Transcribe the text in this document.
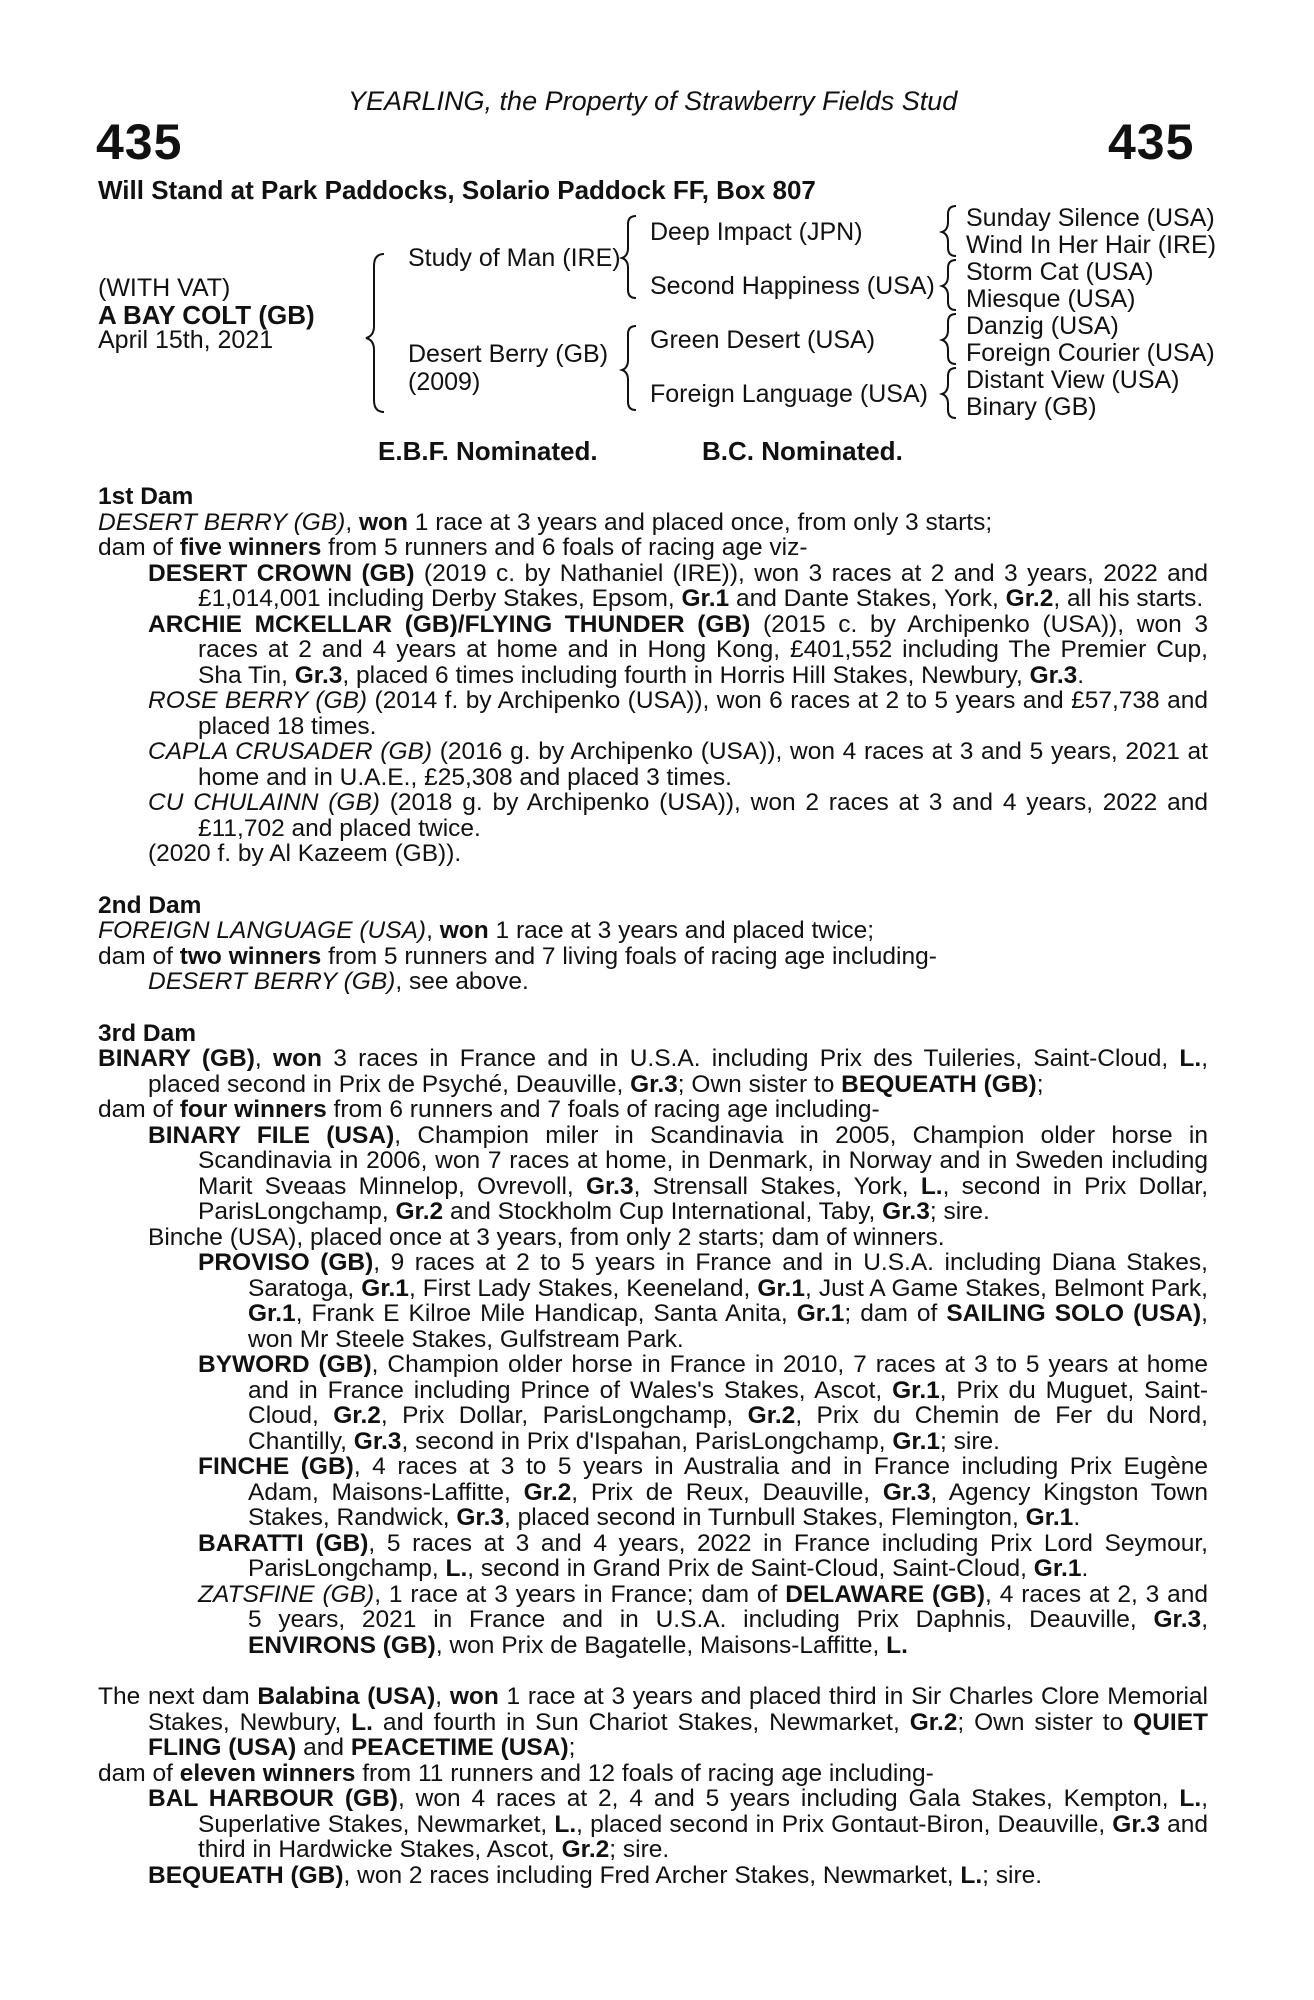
YEARLING, the Property of Strawberry Fields Stud
435	435
Will Stand at Park Paddocks, Solario Paddock FF, Box 807
(WITH VAT)
A BAY COLT (GB)
April 15th, 2021
Study of Man (IRE)
Desert Berry (GB)
(2009)
Deep Impact (JPN)
Second Happiness (USA)
Green Desert (USA)
Foreign Language (USA)
Sunday Silence (USA)
Wind In Her Hair (IRE)
Storm Cat (USA)
Miesque (USA)
Danzig (USA)
Foreign Courier (USA)
Distant View (USA)
Binary (GB)
E.B.F. Nominated.	B.C. Nominated.

1st Dam

DESERT BERRY (GB), won 1 race at 3 years and placed once, from only 3 starts;

dam of five winners from 5 runners and 6 foals of racing age viz-

DESERT CROWN (GB) (2019 c. by Nathaniel (IRE)), won 3 races at 2 and 3 years, 2022 and £1,014,001 including Derby Stakes, Epsom, Gr.1 and Dante Stakes, York, Gr.2, all his starts.

ARCHIE MCKELLAR (GB)/FLYING THUNDER (GB) (2015 c. by Archipenko (USA)), won 3 races at 2 and 4 years at home and in Hong Kong, £401,552 including The Premier Cup, Sha Tin, Gr.3, placed 6 times including fourth in Horris Hill Stakes, Newbury, Gr.3.

ROSE BERRY (GB) (2014 f. by Archipenko (USA)), won 6 races at 2 to 5 years and £57,738 and placed 18 times.

CAPLA CRUSADER (GB) (2016 g. by Archipenko (USA)), won 4 races at 3 and 5 years, 2021 at home and in U.A.E., £25,308 and placed 3 times.

CU CHULAINN (GB) (2018 g. by Archipenko (USA)), won 2 races at 3 and 4 years, 2022 and £11,702 and placed twice.

(2020 f. by Al Kazeem (GB)).

2nd Dam

FOREIGN LANGUAGE (USA), won 1 race at 3 years and placed twice;

dam of two winners from 5 runners and 7 living foals of racing age including-

DESERT BERRY (GB), see above.

3rd Dam

BINARY (GB), won 3 races in France and in U.S.A. including Prix des Tuileries, Saint-Cloud, L., placed second in Prix de Psyché, Deauville, Gr.3; Own sister to BEQUEATH (GB);

dam of four winners from 6 runners and 7 foals of racing age including-

BINARY FILE (USA), Champion miler in Scandinavia in 2005, Champion older horse in Scandinavia in 2006, won 7 races at home, in Denmark, in Norway and in Sweden including Marit Sveaas Minnelop, Ovrevoll, Gr.3, Strensall Stakes, York, L., second in Prix Dollar, ParisLongchamp, Gr.2 and Stockholm Cup International, Taby, Gr.3; sire.

Binche (USA), placed once at 3 years, from only 2 starts; dam of winners.

PROVISO (GB), 9 races at 2 to 5 years in France and in U.S.A. including Diana Stakes, Saratoga, Gr.1, First Lady Stakes, Keeneland, Gr.1, Just A Game Stakes, Belmont Park, Gr.1, Frank E Kilroe Mile Handicap, Santa Anita, Gr.1; dam of SAILING SOLO (USA), won Mr Steele Stakes, Gulfstream Park.

BYWORD (GB), Champion older horse in France in 2010, 7 races at 3 to 5 years at home and in France including Prince of Wales's Stakes, Ascot, Gr.1, Prix du Muguet, Saint-Cloud, Gr.2, Prix Dollar, ParisLongchamp, Gr.2, Prix du Chemin de Fer du Nord, Chantilly, Gr.3, second in Prix d'Ispahan, ParisLongchamp, Gr.1; sire.

FINCHE (GB), 4 races at 3 to 5 years in Australia and in France including Prix Eugène Adam, Maisons-Laffitte, Gr.2, Prix de Reux, Deauville, Gr.3, Agency Kingston Town Stakes, Randwick, Gr.3, placed second in Turnbull Stakes, Flemington, Gr.1.

BARATTI (GB), 5 races at 3 and 4 years, 2022 in France including Prix Lord Seymour, ParisLongchamp, L., second in Grand Prix de Saint-Cloud, Saint-Cloud, Gr.1.

ZATSFINE (GB), 1 race at 3 years in France; dam of DELAWARE (GB), 4 races at 2, 3 and 5 years, 2021 in France and in U.S.A. including Prix Daphnis, Deauville, Gr.3, ENVIRONS (GB), won Prix de Bagatelle, Maisons-Laffitte, L.

The next dam Balabina (USA), won 1 race at 3 years and placed third in Sir Charles Clore Memorial Stakes, Newbury, L. and fourth in Sun Chariot Stakes, Newmarket, Gr.2; Own sister to QUIET FLING (USA) and PEACETIME (USA);

dam of eleven winners from 11 runners and 12 foals of racing age including-

BAL HARBOUR (GB), won 4 races at 2, 4 and 5 years including Gala Stakes, Kempton, L., Superlative Stakes, Newmarket, L., placed second in Prix Gontaut-Biron, Deauville, Gr.3 and third in Hardwicke Stakes, Ascot, Gr.2; sire.

BEQUEATH (GB), won 2 races including Fred Archer Stakes, Newmarket, L.; sire.
